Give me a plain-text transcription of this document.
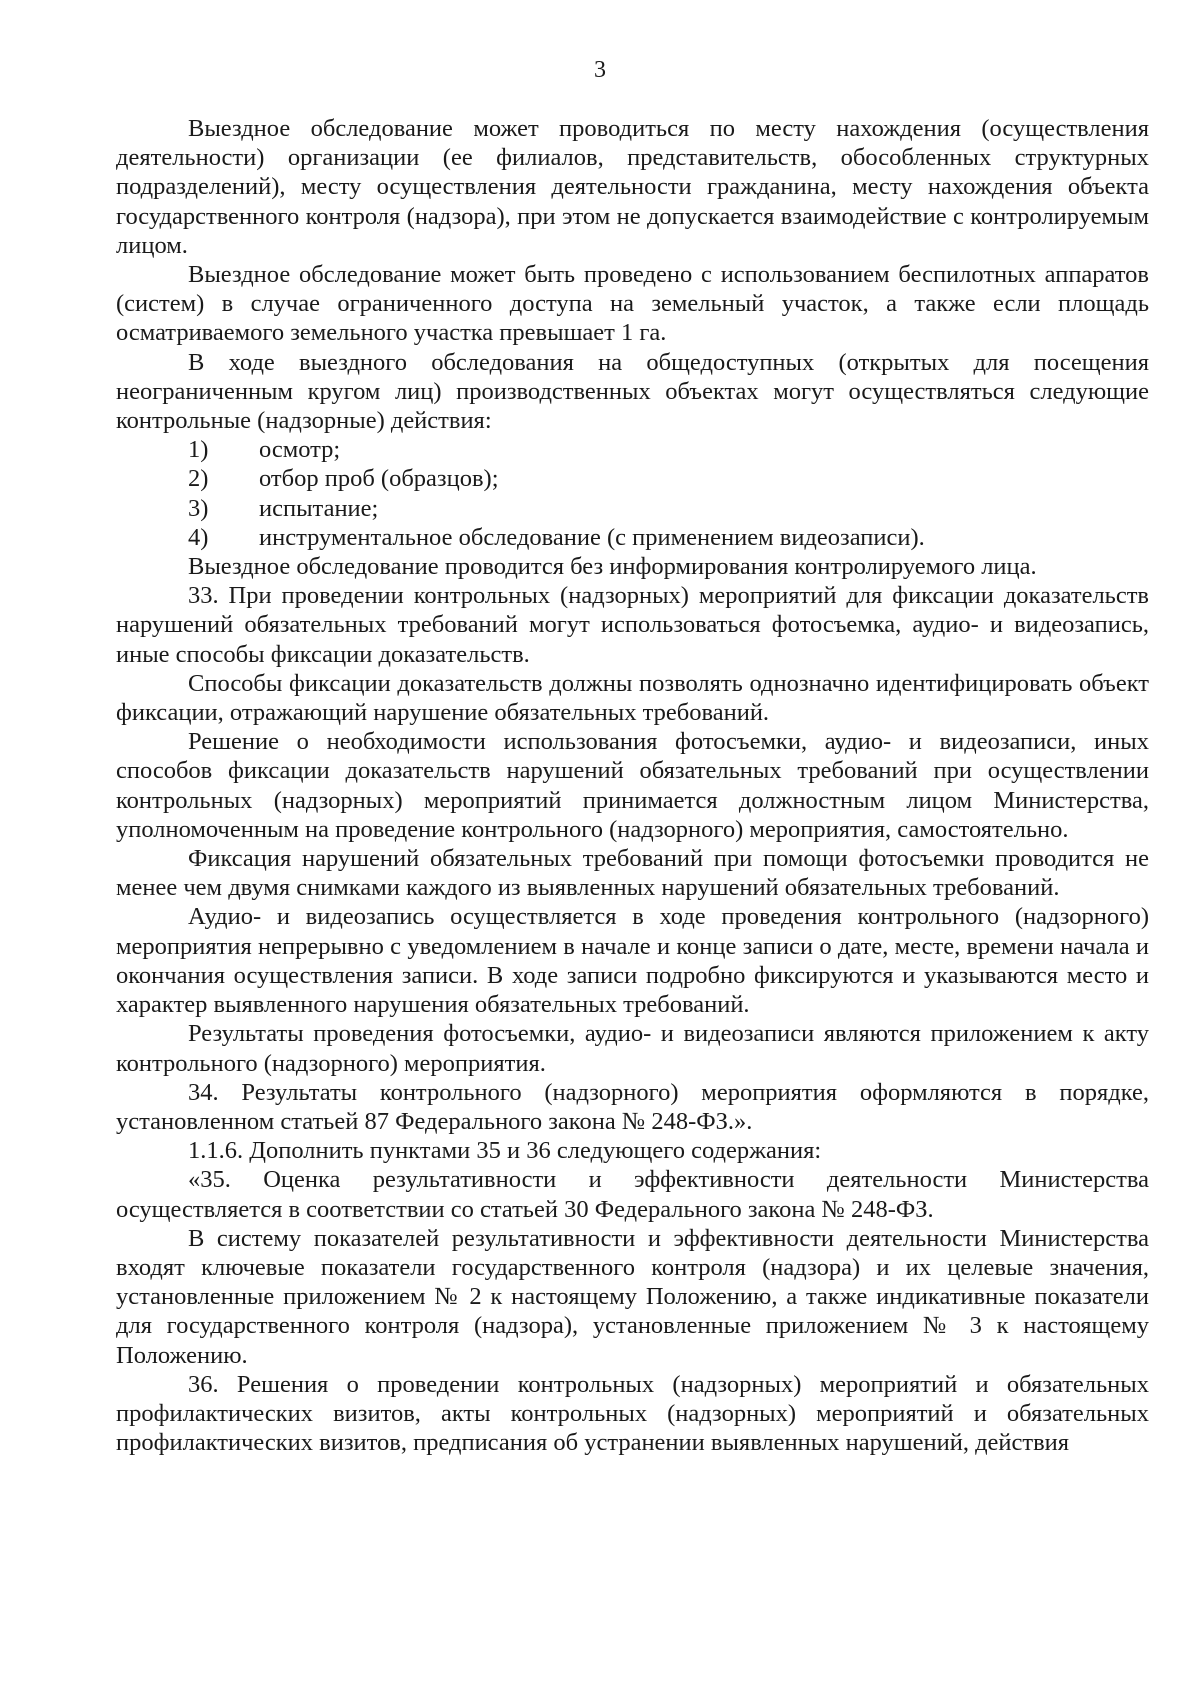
3

Выездное обследование может проводиться по месту нахождения (осуществления деятельности) организации (ее филиалов, представительств, обособленных структурных подразделений), месту осуществления деятельности гражданина, месту нахождения объекта государственного контроля (надзора), при этом не допускается взаимодействие с контролируемым лицом.

Выездное обследование может быть проведено с использованием беспилотных аппаратов (систем) в случае ограниченного доступа на земельный участок, а также если площадь осматриваемого земельного участка превышает 1 га.

В ходе выездного обследования на общедоступных (открытых для посещения неограниченным кругом лиц) производственных объектах могут осуществляться следующие контрольные (надзорные) действия:

1)	осмотр;

2)	отбор проб (образцов);

3)	испытание;

4)	инструментальное обследование (с применением видеозаписи).

Выездное обследование проводится без информирования контролируемого лица.

33. При проведении контрольных (надзорных) мероприятий для фиксации доказательств нарушений обязательных требований могут использоваться фотосъемка, аудио- и видеозапись, иные способы фиксации доказательств.

Способы фиксации доказательств должны позволять однозначно идентифицировать объект фиксации, отражающий нарушение обязательных требований.

Решение о необходимости использования фотосъемки, аудио- и видеозаписи, иных способов фиксации доказательств нарушений обязательных требований при осуществлении контрольных (надзорных) мероприятий принимается должностным лицом Министерства, уполномоченным на проведение контрольного (надзорного) мероприятия, самостоятельно.

Фиксация нарушений обязательных требований при помощи фотосъемки проводится не менее чем двумя снимками каждого из выявленных нарушений обязательных требований.

Аудио- и видеозапись осуществляется в ходе проведения контрольного (надзорного) мероприятия непрерывно с уведомлением в начале и конце записи о дате, месте, времени начала и окончания осуществления записи. В ходе записи подробно фиксируются и указываются место и характер выявленного нарушения обязательных требований.

Результаты проведения фотосъемки, аудио- и видеозаписи являются приложением к акту контрольного (надзорного) мероприятия.

34. Результаты контрольного (надзорного) мероприятия оформляются в порядке, установленном статьей 87 Федерального закона № 248-ФЗ.».

1.1.6. Дополнить пунктами 35 и 36 следующего содержания:

«35. Оценка результативности и эффективности деятельности Министерства осуществляется в соответствии со статьей 30 Федерального закона № 248-ФЗ.

В систему показателей результативности и эффективности деятельности Министерства входят ключевые показатели государственного контроля (надзора) и их целевые значения, установленные приложением № 2 к настоящему Положению, а также индикативные показатели для государственного контроля (надзора), установленные приложением № 3 к настоящему Положению.

36. Решения о проведении контрольных (надзорных) мероприятий и обязательных профилактических визитов, акты контрольных (надзорных) мероприятий и обязательных профилактических визитов, предписания об устранении выявленных нарушений, действия
